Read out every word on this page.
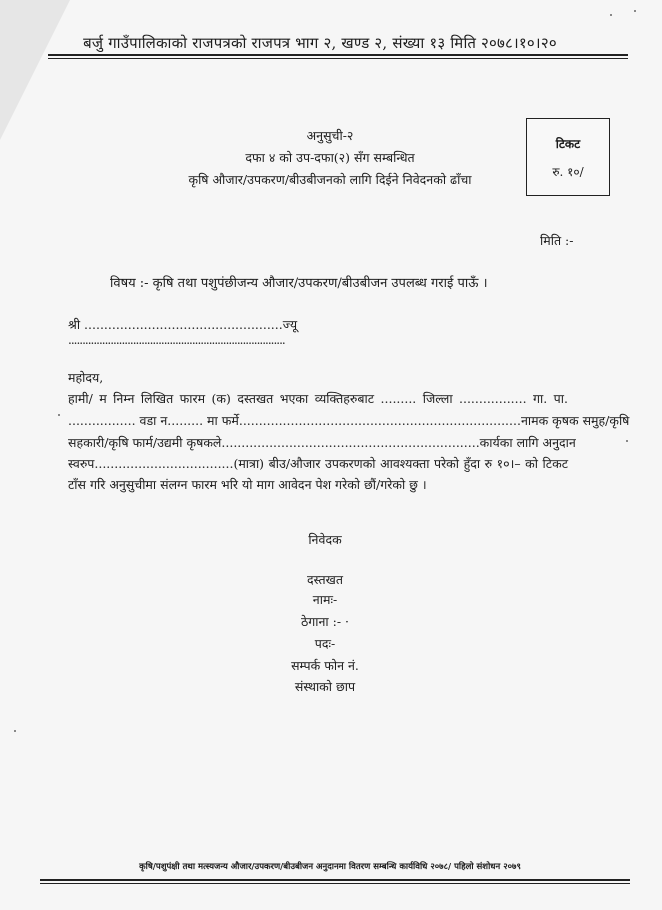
बर्जु गाउँपालिकाको राजपत्रको राजपत्र भाग २, खण्ड २, संख्या १३ मिति २०७८।१०।२०
अनुसुची-२
दफा ४ को उप-दफा(२) सँग सम्बन्धित
कृषि औजार/उपकरण/बीउबीजनको लागि दिईने निवेदनको ढाँचा
टिकट
रु. १०/
मिति :-
विषय :- कृषि तथा पशुपंछीजन्य औजार/उपकरण/बीउबीजन उपलब्ध गराई पाऊँ ।
श्री ..................................................ज्यू
.............................................................................
महोदय,
हामी/ म निम्न लिखित फारम (क) दस्तखत भएका व्यक्तिहरुबाट ......... जिल्ला ................. गा. पा.
................. वडा न......... मा फर्मे.......................................................................नामक कृषक समुह/कृषि
सहकारी/कृषि फार्म/उद्यमी कृषकले.................................................................कार्यका लागि अनुदान
स्वरुप...................................(मात्रा) बीउ/औजार उपकरणको आवश्यक्ता परेको हुँदा रु १०।– को टिकट
टाँस गरि अनुसुचीमा संलग्न फारम भरि यो माग आवेदन पेश गरेको छौं/गरेको छु ।
निवेदक
दस्तखत
नामः-
ठेगाना :- ·
पदः-
सम्पर्क फोन नं.
संस्थाको छाप
कृषि/पशुपंक्षी तथा मत्स्यजन्य औजार/उपकरण/बीउबीजन अनुदानमा वितरण सम्बन्धि कार्यविधि २०७८/ पहिलो संशोधन २०७९
